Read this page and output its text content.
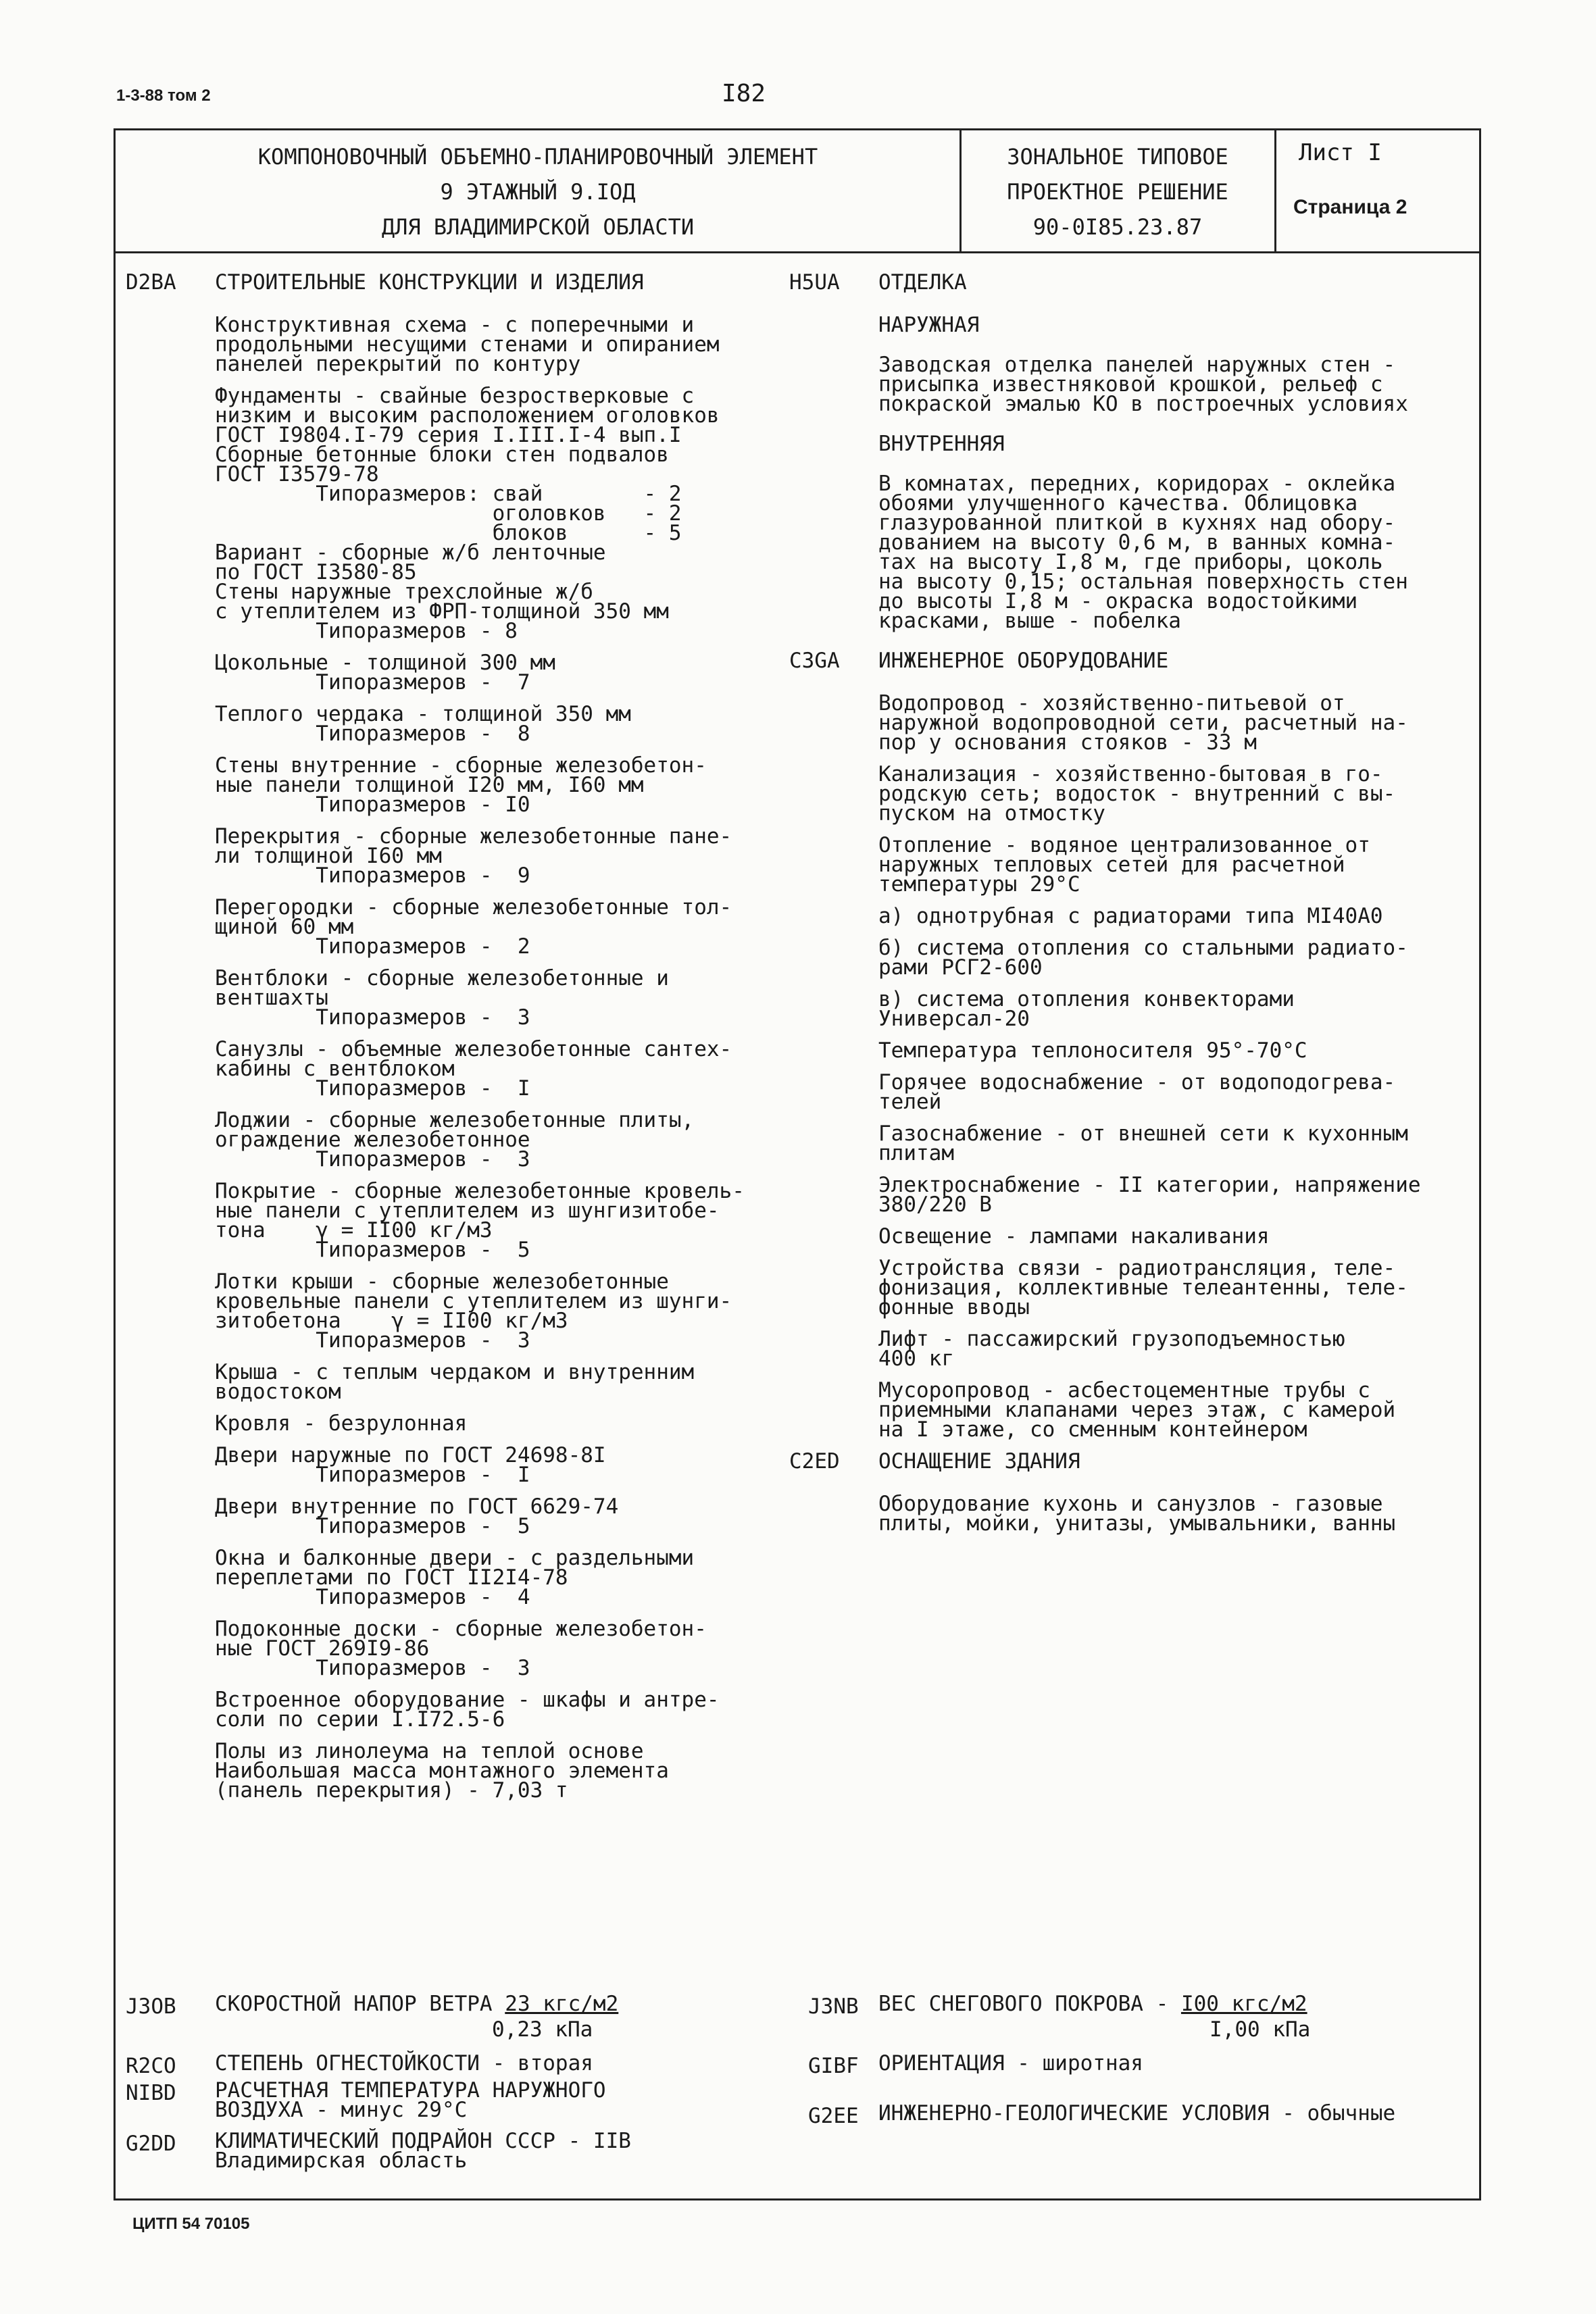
1-3-88 том 2	I82
КОМПОНОВОЧНЫЙ ОБЪЕМНО-ПЛАНИРОВОЧНЫЙ ЭЛЕМЕНТ
9 ЭТАЖНЫЙ 9.IОД
ДЛЯ ВЛАДИМИРСКОЙ ОБЛАСТИ
ЗОНАЛЬНОЕ ТИПОВОЕ
ПРОЕКТНОЕ РЕШЕНИЕ
90-0I85.23.87
Лист I
Страница 2

D2BA СТРОИТЕЛЬНЫЕ КОНСТРУКЦИИ И ИЗДЕЛИЯ

Конструктивная схема - с поперечными и
продольными несущими стенами и опиранием
панелей перекрытий по контуру

Фундаменты - свайные безростверковые с
низким и высоким расположением оголовков
ГОСТ I9804.I-79 серия I.III.I-4 вып.I
Сборные бетонные блоки стен подвалов
ГОСТ I3579-78

Типоразмеров: свай        - 2
оголовков   - 2
блоков      - 5

Вариант - сборные ж/б ленточные
по ГОСТ I3580-85

Стены наружные трехслойные ж/б
с утеплителем из ФРП-толщиной 350 мм
Типоразмеров - 8

Цокольные - толщиной 300 мм
Типоразмеров -  7

Теплого чердака - толщиной 350 мм
Типоразмеров -  8

Стены внутренние - сборные железобетон-
ные панели толщиной I20 мм, I60 мм
Типоразмеров - I0

Перекрытия - сборные железобетонные пане-
ли толщиной I60 мм
Типоразмеров -  9

Перегородки - сборные железобетонные тол-
щиной 60 мм
Типоразмеров -  2

Вентблоки - сборные железобетонные и
вентшахты
Типоразмеров -  3

Санузлы - объемные железобетонные сантех-
кабины с вентблоком
Типоразмеров -  I

Лоджии - сборные железобетонные плиты,
ограждение железобетонное
Типоразмеров -  3

Покрытие - сборные железобетонные кровель-
ные панели с утеплителем из шунгизитобе-
тона    γ = II00 кг/м3
Типоразмеров -  5

Лотки крыши - сборные железобетонные
кровельные панели с утеплителем из шунги-
зитобетона    γ = II00 кг/м3
Типоразмеров -  3

Крыша - с теплым чердаком и внутренним
водостоком

Кровля - безрулонная

Двери наружные по ГОСТ 24698-8I
Типоразмеров -  I

Двери внутренние по ГОСТ 6629-74
Типоразмеров -  5

Окна и балконные двери - с раздельными
переплетами по ГОСТ II2I4-78
Типоразмеров -  4

Подоконные доски - сборные железобетон-
ные ГОСТ 269I9-86
Типоразмеров -  3

Встроенное оборудование - шкафы и антре-
соли по серии I.I72.5-6

Полы из линолеума на теплой основе
Наибольшая масса монтажного элемента
(панель перекрытия) - 7,03 т

H5UA ОТДЕЛКА

НАРУЖНАЯ

Заводская отделка панелей наружных стен -
присыпка известняковой крошкой, рельеф с
покраской эмалью КО в построечных условиях

ВНУТРЕННЯЯ

В комнатах, передних, коридорах - оклейка
обоями улучшенного качества. Облицовка
глазурованной плиткой в кухнях над обору-
дованием на высоту 0,6 м, в ванных комна-
тах на высоту I,8 м, где приборы, цоколь
на высоту 0,15; остальная поверхность стен
до высоты I,8 м - окраска водостойкими
красками, выше - побелка

C3GA ИНЖЕНЕРНОЕ ОБОРУДОВАНИЕ

Водопровод - хозяйственно-питьевой от
наружной водопроводной сети, расчетный на-
пор у основания стояков - 33 м

Канализация - хозяйственно-бытовая в го-
родскую сеть; водосток - внутренний с вы-
пуском на отмостку

Отопление - водяное централизованное от
наружных тепловых сетей для расчетной
температуры 29°С

а) однотрубная с радиаторами типа МI40А0

б) система отопления со стальными радиато-
рами РСГ2-600

в) система отопления конвекторами
Универсал-20

Температура теплоносителя 95°-70°С

Горячее водоснабжение - от водоподогрева-
телей

Газоснабжение - от внешней сети к кухонным
плитам

Электроснабжение - II категории, напряжение
380/220 В

Освещение - лампами накаливания

Устройства связи - радиотрансляция, теле-
фонизация, коллективные телеантенны, теле-
фонные вводы

Лифт - пассажирский грузоподъемностью
400 кг

Мусоропровод - асбестоцементные трубы с
приемными клапанами через этаж, с камерой
на I этаже, со сменным контейнером

C2ED ОСНАЩЕНИЕ ЗДАНИЯ

Оборудование кухонь и санузлов - газовые
плиты, мойки, унитазы, умывальники, ванны

J3OB СКОРОСТНОЙ НАПОР ВЕТРА 23 кгс/м2
0,23 кПа
R2CO СТЕПЕНЬ ОГНЕСТОЙКОСТИ - вторая
NIBD РАСЧЕТНАЯ ТЕМПЕРАТУРА НАРУЖНОГО
ВОЗДУХА - минус 29°С
G2DD КЛИМАТИЧЕСКИЙ ПОДРАЙОН СССР - IIВ
Владимирская область
J3NB ВЕС СНЕГОВОГО ПОКРОВА - I00 кгс/м2
I,00 кПа
GIBF ОРИЕНТАЦИЯ - широтная
G2EE ИНЖЕНЕРНО-ГЕОЛОГИЧЕСКИЕ УСЛОВИЯ - обычные
ЦИТП 54 70105
